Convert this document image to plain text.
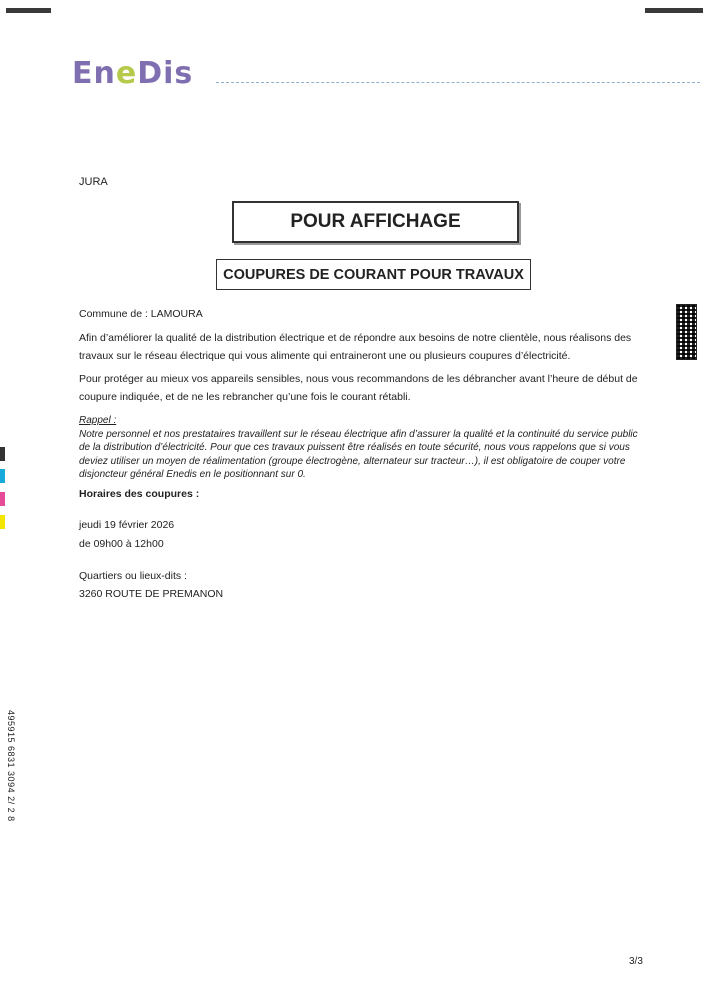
EneDis
JURA
POUR AFFICHAGE
COUPURES DE COURANT POUR TRAVAUX
Commune de : LAMOURA
Afin d’améliorer la qualité de la distribution électrique et de répondre aux besoins de notre clientèle, nous réalisons des travaux sur le réseau électrique qui vous alimente qui entraineront une ou plusieurs coupures d’électricité.
Pour protéger au mieux vos appareils sensibles, nous vous recommandons de les débrancher avant l’heure de début de coupure indiquée, et de ne les rebrancher qu’une fois le courant rétabli.
Rappel :
Notre personnel et nos prestataires travaillent sur le réseau électrique afin d’assurer la qualité et la continuité du service public de la distribution d’électricité. Pour que ces travaux puissent être réalisés en toute sécurité, nous vous rappelons que si vous deviez utiliser un moyen de réalimentation (groupe électrogène, alternateur sur tracteur…), il est obligatoire de couper votre disjoncteur général Enedis en le positionnant sur 0.
Horaires des coupures :
jeudi 19 février 2026
de 09h00 à 12h00
Quartiers ou lieux-dits :
3260 ROUTE DE PREMANON
495915 6831 3094 2/ 2 8
3/3
